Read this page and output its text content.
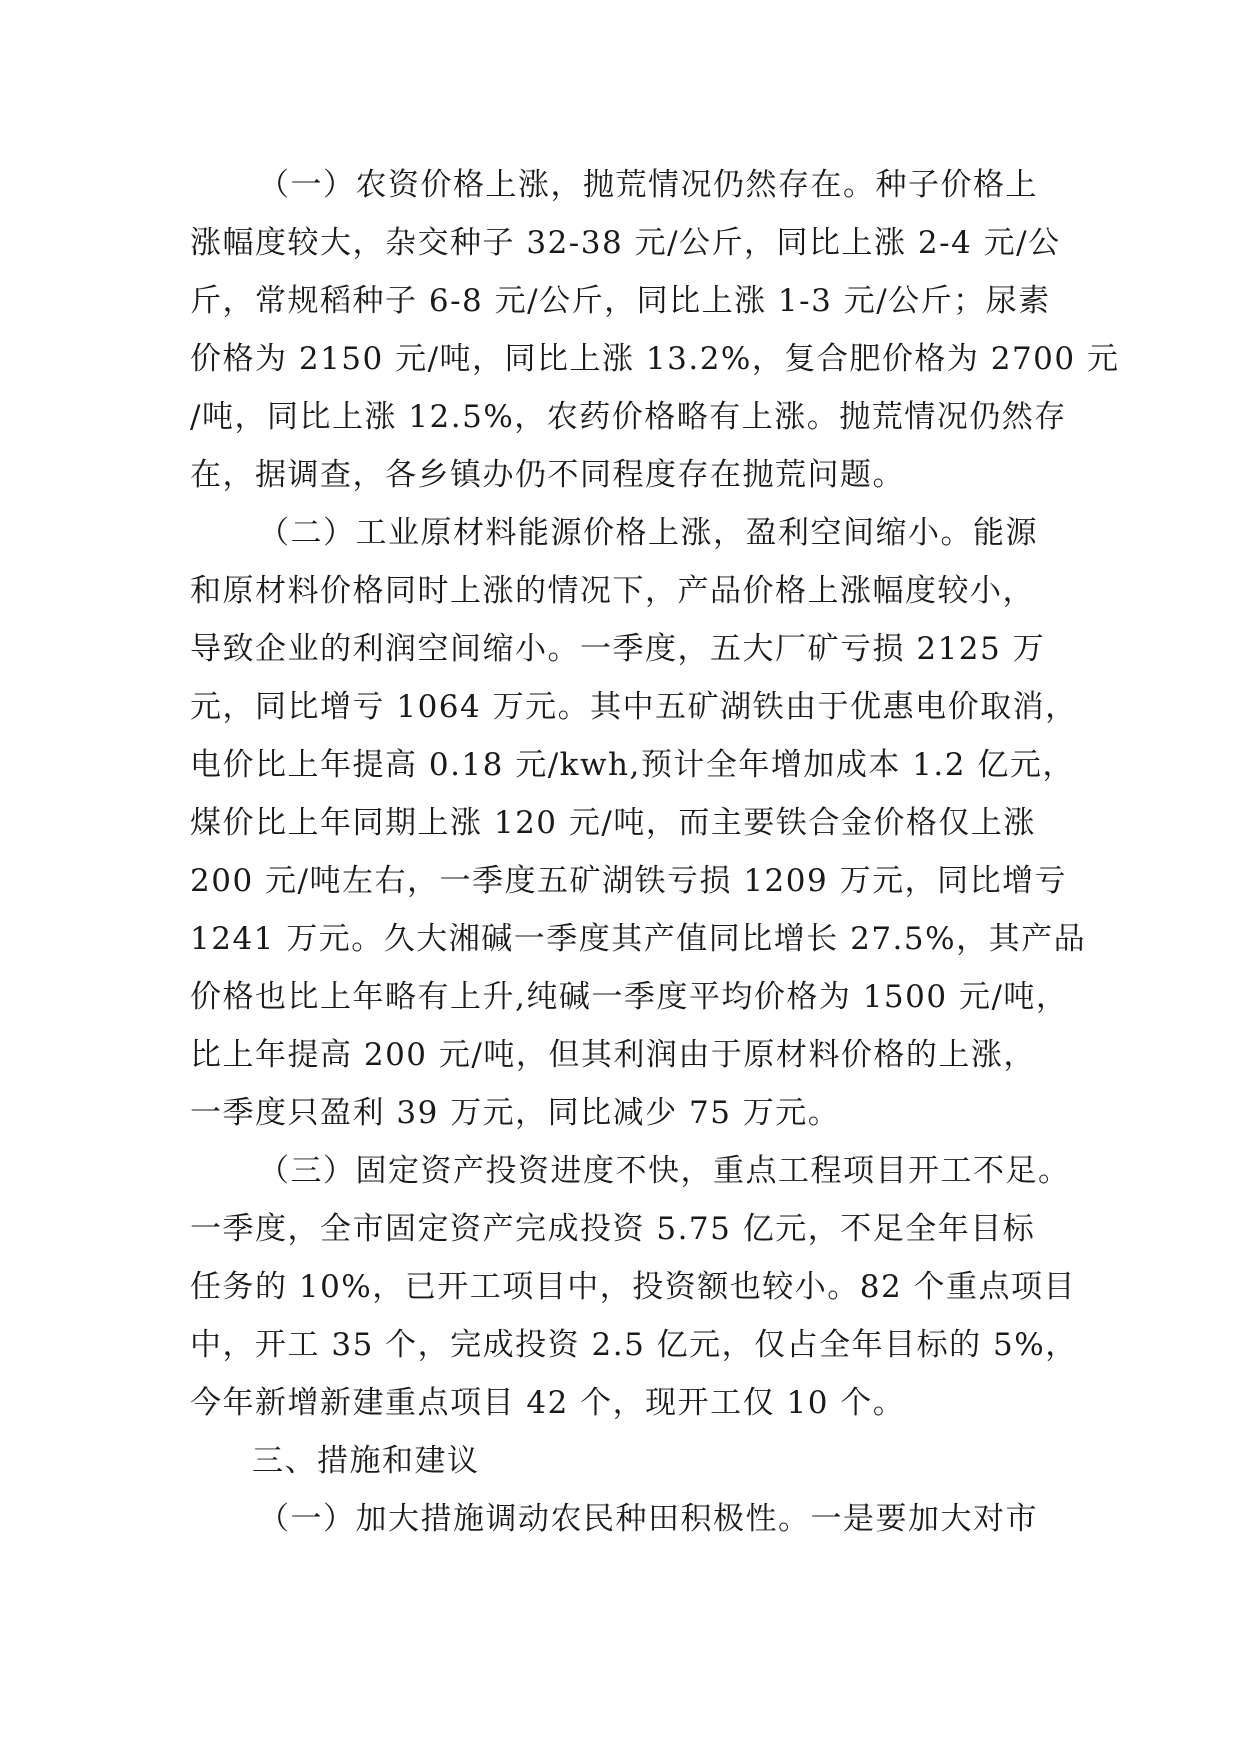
（一）农资价格上涨，抛荒情况仍然存在。种子价格上
涨幅度较大，杂交种子 32-38 元/公斤，同比上涨 2-4 元/公
斤，常规稻种子 6-8 元/公斤，同比上涨 1-3 元/公斤；尿素
价格为 2150 元/吨，同比上涨 13.2%，复合肥价格为 2700 元
/吨，同比上涨 12.5%，农药价格略有上涨。抛荒情况仍然存
在，据调查，各乡镇办仍不同程度存在抛荒问题。
（二）工业原材料能源价格上涨，盈利空间缩小。能源
和原材料价格同时上涨的情况下，产品价格上涨幅度较小，
导致企业的利润空间缩小。一季度，五大厂矿亏损 2125 万
元，同比增亏 1064 万元。其中五矿湖铁由于优惠电价取消，
电价比上年提高 0.18 元/kwh,预计全年增加成本 1.2 亿元，
煤价比上年同期上涨 120 元/吨，而主要铁合金价格仅上涨
200 元/吨左右，一季度五矿湖铁亏损 1209 万元，同比增亏
1241 万元。久大湘碱一季度其产值同比增长 27.5%，其产品
价格也比上年略有上升,纯碱一季度平均价格为 1500 元/吨，
比上年提高 200 元/吨，但其利润由于原材料价格的上涨，
一季度只盈利 39 万元，同比减少 75 万元。
（三）固定资产投资进度不快，重点工程项目开工不足。
一季度，全市固定资产完成投资 5.75 亿元，不足全年目标
任务的 10%，已开工项目中，投资额也较小。82 个重点项目
中，开工 35 个，完成投资 2.5 亿元，仅占全年目标的 5%，
今年新增新建重点项目 42 个，现开工仅 10 个。
三、措施和建议
（一）加大措施调动农民种田积极性。一是要加大对市
